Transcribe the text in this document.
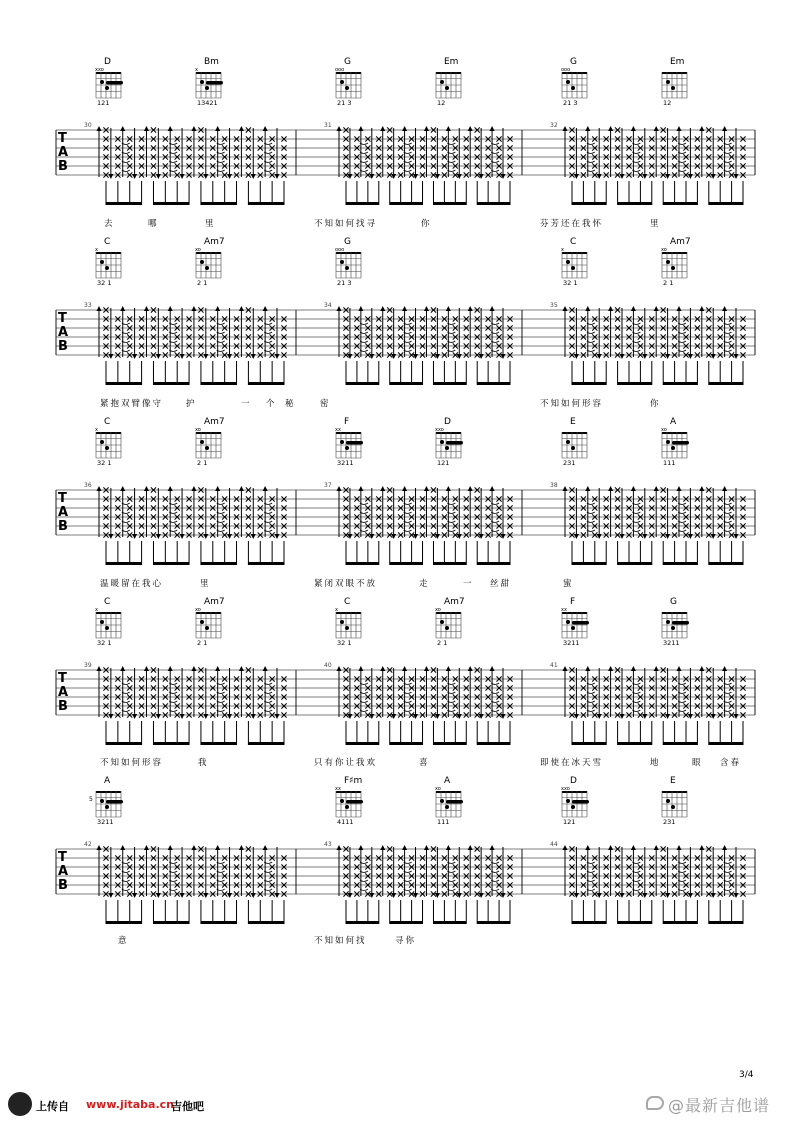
T
A
B
30
D
xxo
121
Bm
x
13421
31
G
ooo
21 3
Em
12
32
G
ooo
21 3
Em
12
去	哪	里	不知如何找寻	你	芬芳还在我怀	里
T
A
B
33
C
x
32 1
Am7
xo
2 1
34
G
ooo
21 3
35
C
x
32 1
Am7
xo
2 1
紧抱双臂像守	护	一 个 秘	密	不知如何形容	你
T
A
B
36
C
x
32 1
Am7
xo
2 1
37
F
xx
3211
D
xxo
121
38
E
231
A
xo
111
温暖留在我心	里	紧闭双眼不放	走	一 丝甜	蜜
T
A
B
39
C
x
32 1
Am7
xo
2 1
40
C
x
32 1
Am7
xo
2 1
41
F
xx
3211
G
3211
不知如何形容	我	只有你让我欢	喜	即使在冰天雪	地	眼 含春
T
A
B
42
A
5
3211
43
F♯m
xx
4111
A
xo
111
44
D
xxo
121
E
231
意	不知如何找	寻你
3/4
上传自 www.jitaba.cn
吉他吧	@最新吉他谱
